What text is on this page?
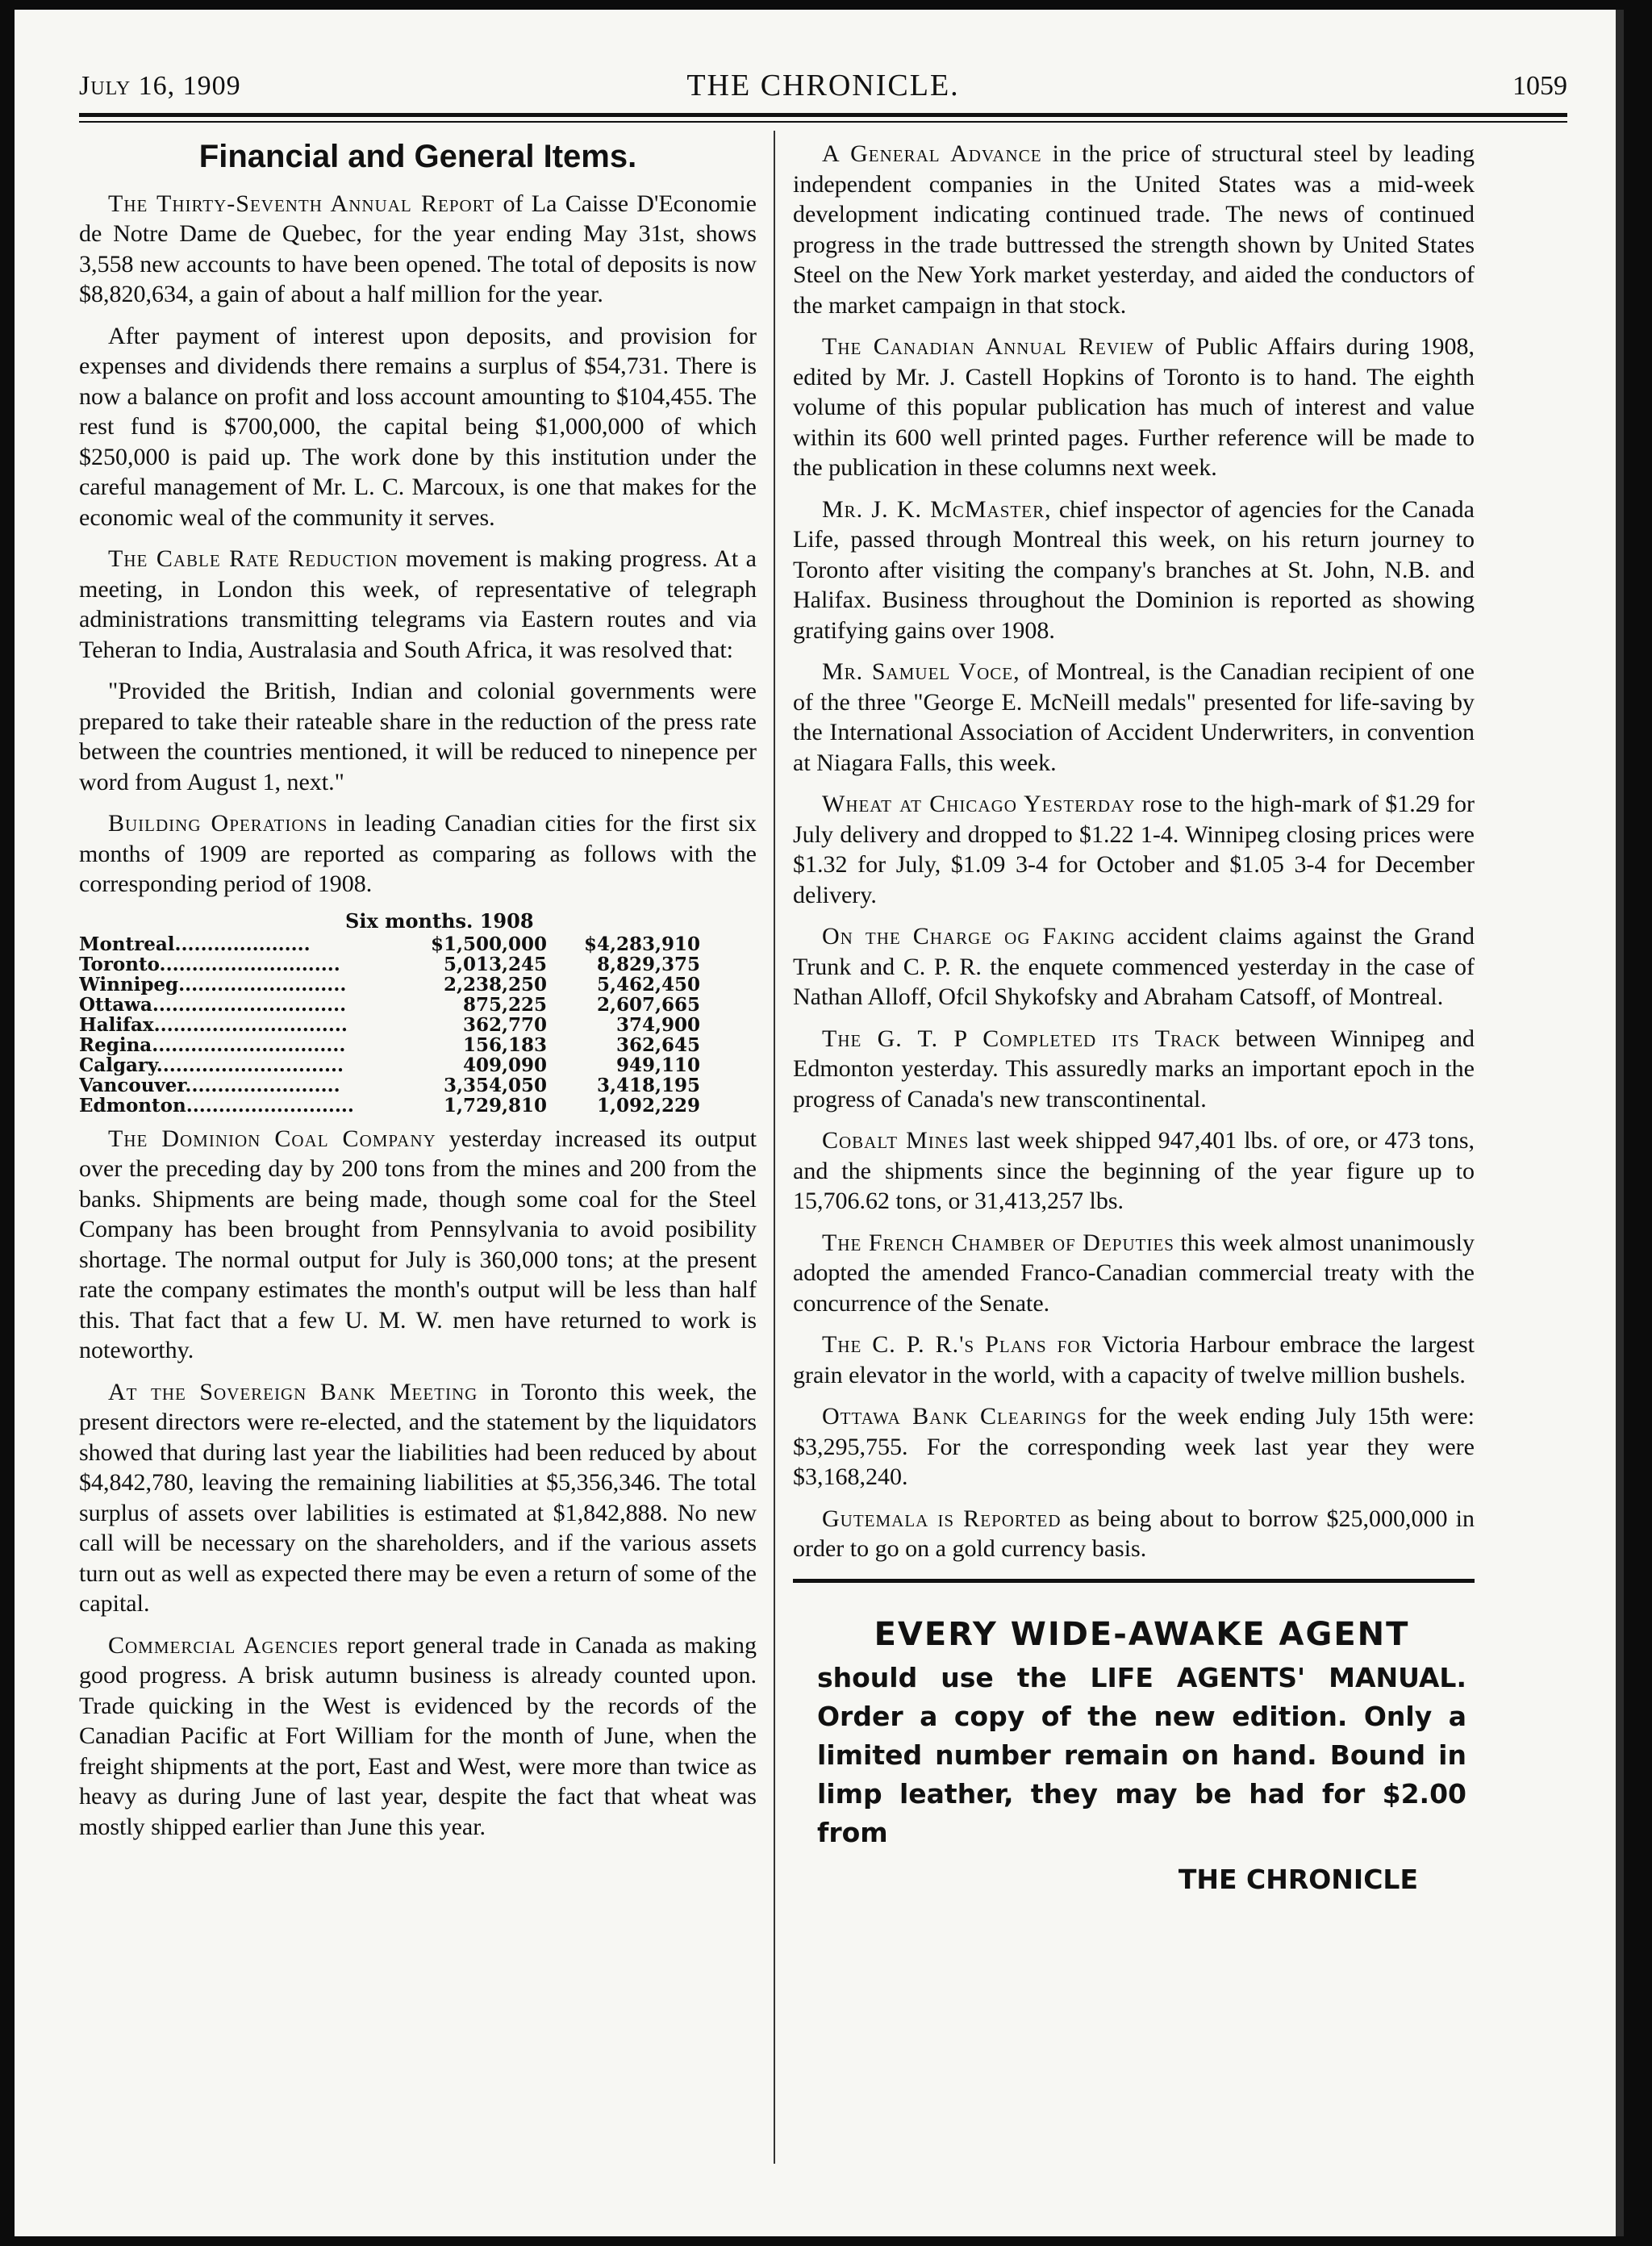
July 16, 1909	THE CHRONICLE.	1059
Financial and General Items.

The Thirty-Seventh Annual Report of La Caisse D'Economie de Notre Dame de Quebec, for the year ending May 31st, shows 3,558 new accounts to have been opened. The total of deposits is now $8,820,634, a gain of about a half million for the year.

After payment of interest upon deposits, and provision for expenses and dividends there remains a surplus of $54,731. There is now a balance on profit and loss account amounting to $104,455. The rest fund is $700,000, the capital being $1,000,000 of which $250,000 is paid up. The work done by this institution under the careful management of Mr. L. C. Marcoux, is one that makes for the economic weal of the community it serves.

The Cable Rate Reduction movement is making progress. At a meeting, in London this week, of representative of telegraph administrations transmitting telegrams via Eastern routes and via Teheran to India, Australasia and South Africa, it was resolved that:

"Provided the British, Indian and colonial governments were prepared to take their rateable share in the reduction of the press rate between the countries mentioned, it will be reduced to ninepence per word from August 1, next."

Building Operations in leading Canadian cities for the first six months of 1909 are reported as comparing as follows with the corresponding period of 1908.

Six months. 1908
Montreal.....................	$1,500,000	$4,283,910
Toronto............................	5,013,245	8,829,375
Winnipeg..........................	2,238,250	5,462,450
Ottawa..............................	875,225	2,607,665
Halifax..............................	362,770	374,900
Regina..............................	156,183	362,645
Calgary.............................	409,090	949,110
Vancouver........................	3,354,050	3,418,195
Edmonton..........................	1,729,810	1,092,229

The Dominion Coal Company yesterday increased its output over the preceding day by 200 tons from the mines and 200 from the banks. Shipments are being made, though some coal for the Steel Company has been brought from Pennsylvania to avoid posibility shortage. The normal output for July is 360,000 tons; at the present rate the company estimates the month's output will be less than half this. That fact that a few U. M. W. men have returned to work is noteworthy.

At the Sovereign Bank Meeting in Toronto this week, the present directors were re-elected, and the statement by the liquidators showed that during last year the liabilities had been reduced by about $4,842,780, leaving the remaining liabilities at $5,356,346. The total surplus of assets over labilities is estimated at $1,842,888. No new call will be necessary on the shareholders, and if the various assets turn out as well as expected there may be even a return of some of the capital.

Commercial Agencies report general trade in Canada as making good progress. A brisk autumn business is already counted upon. Trade quicking in the West is evidenced by the records of the Canadian Pacific at Fort William for the month of June, when the freight shipments at the port, East and West, were more than twice as heavy as during June of last year, despite the fact that wheat was mostly shipped earlier than June this year.

A General Advance in the price of structural steel by leading independent companies in the United States was a mid-week development indicating continued trade. The news of continued progress in the trade buttressed the strength shown by United States Steel on the New York market yesterday, and aided the conductors of the market campaign in that stock.

The Canadian Annual Review of Public Affairs during 1908, edited by Mr. J. Castell Hopkins of Toronto is to hand. The eighth volume of this popular publication has much of interest and value within its 600 well printed pages. Further reference will be made to the publication in these columns next week.

Mr. J. K. McMaster, chief inspector of agencies for the Canada Life, passed through Montreal this week, on his return journey to Toronto after visiting the company's branches at St. John, N.B. and Halifax. Business throughout the Dominion is reported as showing gratifying gains over 1908.

Mr. Samuel Voce, of Montreal, is the Canadian recipient of one of the three "George E. McNeill medals" presented for life-saving by the International Association of Accident Underwriters, in convention at Niagara Falls, this week.

Wheat at Chicago Yesterday rose to the high-mark of $1.29 for July delivery and dropped to $1.22 1-4. Winnipeg closing prices were $1.32 for July, $1.09 3-4 for October and $1.05 3-4 for December delivery.

On the Charge og Faking accident claims against the Grand Trunk and C. P. R. the enquete commenced yesterday in the case of Nathan Alloff, Ofcil Shykofsky and Abraham Catsoff, of Montreal.

The G. T. P Completed its Track between Winnipeg and Edmonton yesterday. This assuredly marks an important epoch in the progress of Canada's new transcontinental.

Cobalt Mines last week shipped 947,401 lbs. of ore, or 473 tons, and the shipments since the beginning of the year figure up to 15,706.62 tons, or 31,413,257 lbs.

The French Chamber of Deputies this week almost unanimously adopted the amended Franco-Canadian commercial treaty with the concurrence of the Senate.

The C. P. R.'s Plans for Victoria Harbour embrace the largest grain elevator in the world, with a capacity of twelve million bushels.

Ottawa Bank Clearings for the week ending July 15th were: $3,295,755. For the corresponding week last year they were $3,168,240.

Gutemala is Reported as being about to borrow $25,000,000 in order to go on a gold currency basis.

EVERY WIDE-AWAKE AGENT
should use the LIFE AGENTS' MANUAL. Order a copy of the new edition. Only a limited number remain on hand. Bound in limp leather, they may be had for $2.00 from
THE CHRONICLE
